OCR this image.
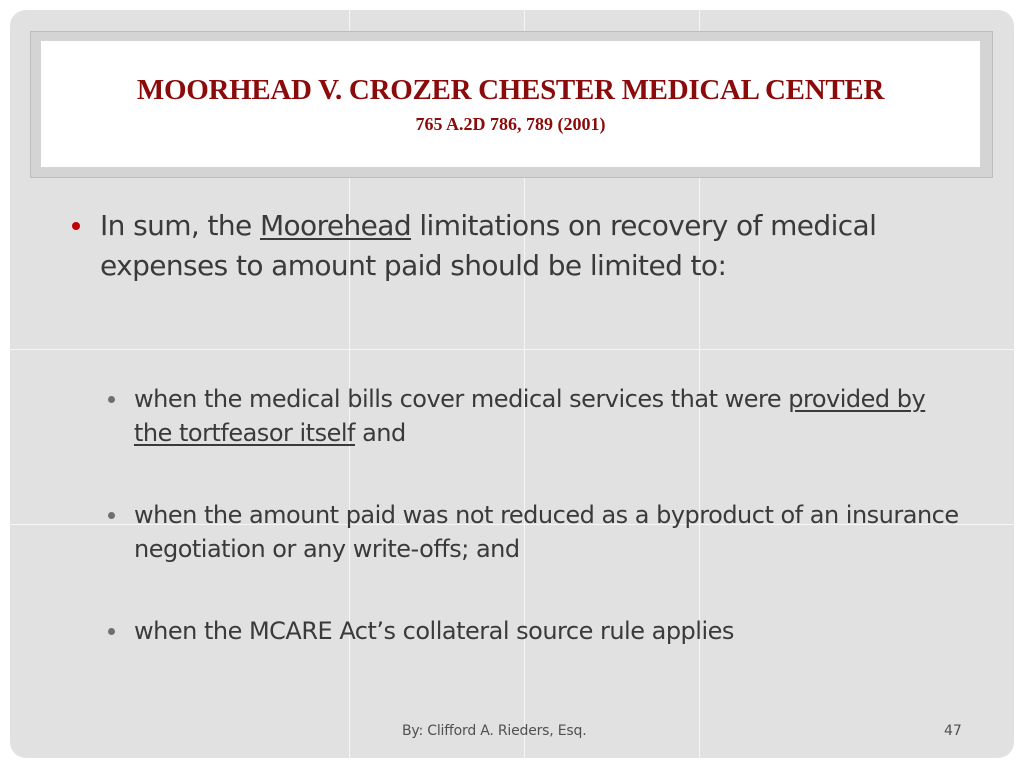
MOORHEAD V. CROZER CHESTER MEDICAL CENTER
765 A.2D 786, 789 (2001)
In sum, the Moorehead limitations on recovery of medical expenses to amount paid should be limited to:
when the medical bills cover medical services that were provided by the tortfeasor itself and
when the amount paid was not reduced as a byproduct of an insurance negotiation or any write-offs; and
when the MCARE Act’s collateral source rule applies
By: Clifford A. Rieders, Esq.	47
